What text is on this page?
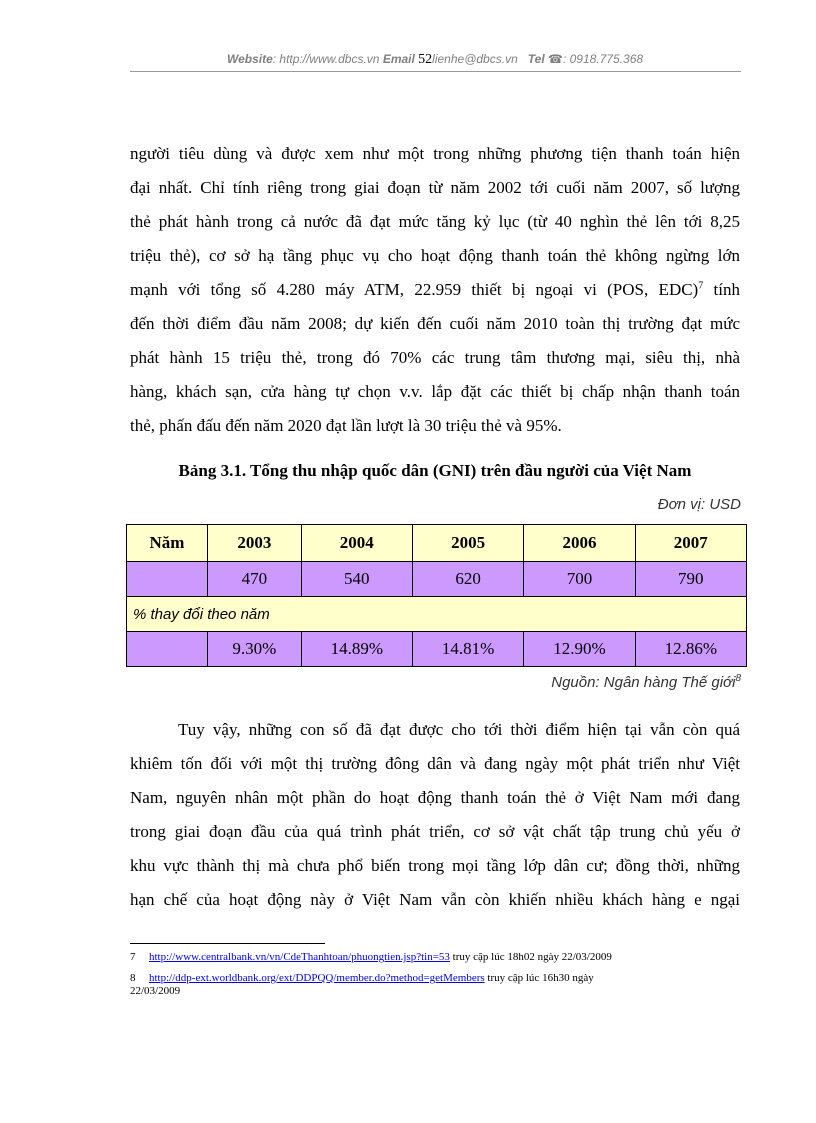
Website: http://www.dbcs.vn Email 52lienhe@dbcs.vn Tel ☎: 0918.775.368
người tiêu dùng và được xem như một trong những phương tiện thanh toán hiện
đại nhất. Chỉ tính riêng trong giai đoạn từ năm 2002 tới cuối năm 2007, số lượng
thẻ phát hành trong cả nước đã đạt mức tăng kỷ lục (từ 40 nghìn thẻ lên tới 8,25
triệu thẻ), cơ sở hạ tầng phục vụ cho hoạt động thanh toán thẻ không ngừng lớn
mạnh với tổng số 4.280 máy ATM, 22.959 thiết bị ngoại vi (POS, EDC)$^7$ tính
đến thời điểm đầu năm 2008; dự kiến đến cuối năm 2010 toàn thị trường đạt mức
phát hành 15 triệu thẻ, trong đó 70% các trung tâm thương mại, siêu thị, nhà
hàng, khách sạn, cửa hàng tự chọn v.v. lắp đặt các thiết bị chấp nhận thanh toán
thẻ, phấn đấu đến năm 2020 đạt lần lượt là 30 triệu thẻ và 95%.
Bảng 3.1. Tổng thu nhập quốc dân (GNI) trên đầu người của Việt Nam
Đơn vị: USD
Năm	2003	2004	2005	2006	2007
	470	540	620	700	790
% thay đổi theo năm					
	9.30%	14.89%	14.81%	12.90%	12.86%
Nguồn: Ngân hàng Thế giới$^8$
Tuy vậy, những con số đã đạt được cho tới thời điểm hiện tại vẫn còn quá
khiêm tốn đối với một thị trường đông dân và đang ngày một phát triển như Việt
Nam, nguyên nhân một phần do hoạt động thanh toán thẻ ở Việt Nam mới đang
trong giai đoạn đầu của quá trình phát triển, cơ sở vật chất tập trung chủ yếu ở
khu vực thành thị mà chưa phổ biến trong mọi tầng lớp dân cư; đồng thời, những
hạn chế của hoạt động này ở Việt Nam vẫn còn khiến nhiều khách hàng e ngại
7 http://www.centralbank.vn/vn/CdeThanhtoan/phuongtien.jsp?tin=53 truy cập lúc 18h02 ngày 22/03/2009
8 http://ddp-ext.worldbank.org/ext/DDPQQ/member.do?method=getMembers truy cập lúc 16h30 ngày
22/03/2009
